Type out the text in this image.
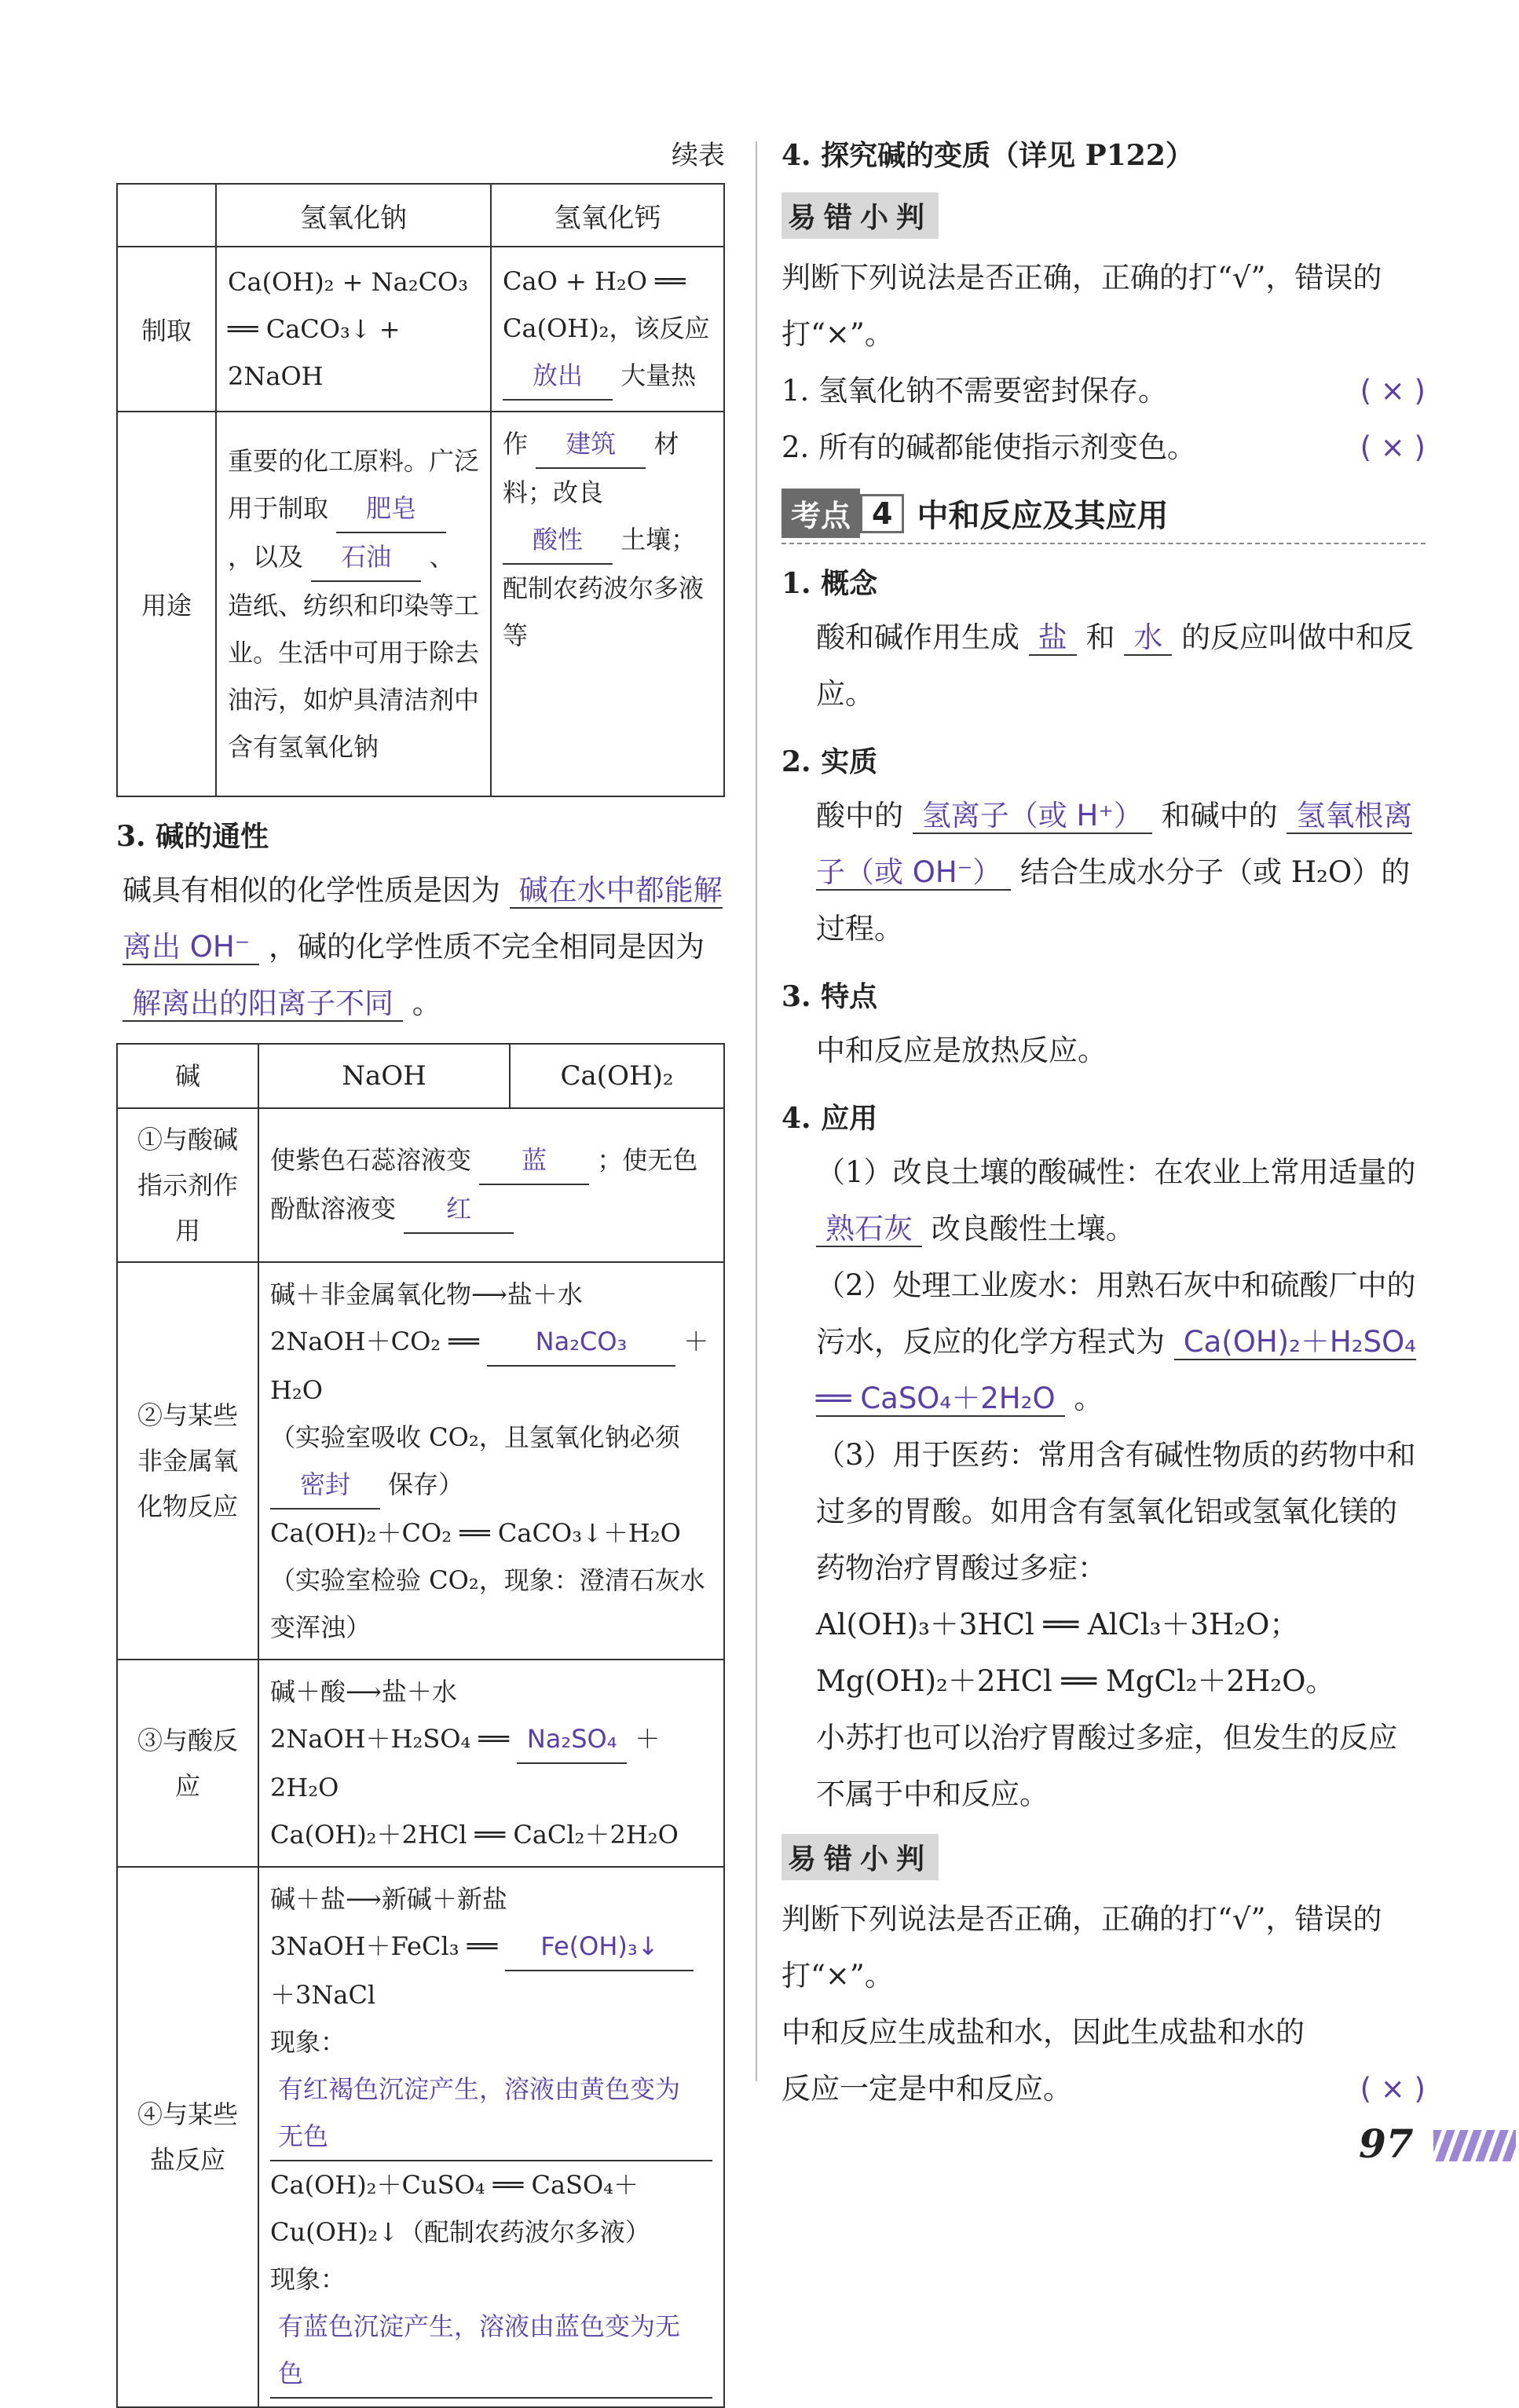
续表
	氢氧化钠	氢氧化钙
制取	Ca(OH)₂ + Na₂CO₃ ══ CaCO₃↓ + 2NaOH	CaO + H₂O ══ Ca(OH)₂，该反应 放出 大量热
用途	重要的化工原料。广泛用于制取 肥皂 ，以及 石油 、造纸、纺织和印染等工业。生活中可用于除去油污，如炉具清洁剂中含有氢氧化钠	作 建筑 材料；改良 酸性 土壤；配制农药波尔多液等
3. 碱的通性
碱具有相似的化学性质是因为 碱在水中都能解离出 OH⁻ ，碱的化学性质不完全相同是因为 解离出的阳离子不同 。
碱	NaOH	Ca(OH)₂
①与酸碱指示剂作用	使紫色石蕊溶液变 蓝 ；使无色酚酞溶液变 红	
②与某些非金属氧化物反应	碱＋非金属氧化物⟶盐＋水
2NaOH＋CO₂ ══ Na₂CO₃ ＋H₂O
（实验室吸收 CO₂，且氢氧化钠必须 密封 保存）
Ca(OH)₂＋CO₂ ══ CaCO₃↓＋H₂O（实验室检验 CO₂，现象：澄清石灰水变浑浊）	

③与酸反应	碱＋酸⟶盐＋水
2NaOH＋H₂SO₄ ══ Na₂SO₄ ＋2H₂O
Ca(OH)₂＋2HCl ══ CaCl₂＋2H₂O	

④与某些盐反应	碱＋盐⟶新碱＋新盐
3NaOH＋FeCl₃ ══ Fe(OH)₃↓ ＋3NaCl
现象： 有红褐色沉淀产生，溶液由黄色变为无色
Ca(OH)₂＋CuSO₄ ══ CaSO₄＋Cu(OH)₂↓（配制农药波尔多液）
现象： 有蓝色沉淀产生，溶液由蓝色变为无色	
4. 探究碱的变质（详见 P122）
易错小判
判断下列说法是否正确，正确的打“√”，错误的打“×”。
1. 氢氧化钠不需要密封保存。	( × )
2. 所有的碱都能使指示剂变色。	( × )
考点 4 中和反应及其应用
1. 概念
酸和碱作用生成 盐 和 水 的反应叫做中和反应。
2. 实质
酸中的 氢离子（或 H⁺） 和碱中的 氢氧根离子（或 OH⁻） 结合生成水分子（或 H₂O）的过程。
3. 特点
中和反应是放热反应。
4. 应用
（1）改良土壤的酸碱性：在农业上常用适量的 熟石灰 改良酸性土壤。
（2）处理工业废水：用熟石灰中和硫酸厂中的污水，反应的化学方程式为 Ca(OH)₂＋H₂SO₄ ══ CaSO₄＋2H₂O 。
（3）用于医药：常用含有碱性物质的药物中和过多的胃酸。如用含有氢氧化铝或氢氧化镁的药物治疗胃酸过多症：
Al(OH)₃＋3HCl ══ AlCl₃＋3H₂O；
Mg(OH)₂＋2HCl ══ MgCl₂＋2H₂O。
小苏打也可以治疗胃酸过多症，但发生的反应不属于中和反应。
易错小判
判断下列说法是否正确，正确的打“√”，错误的打“×”。
中和反应生成盐和水，因此生成盐和水的反应一定是中和反应。	( × )
97
